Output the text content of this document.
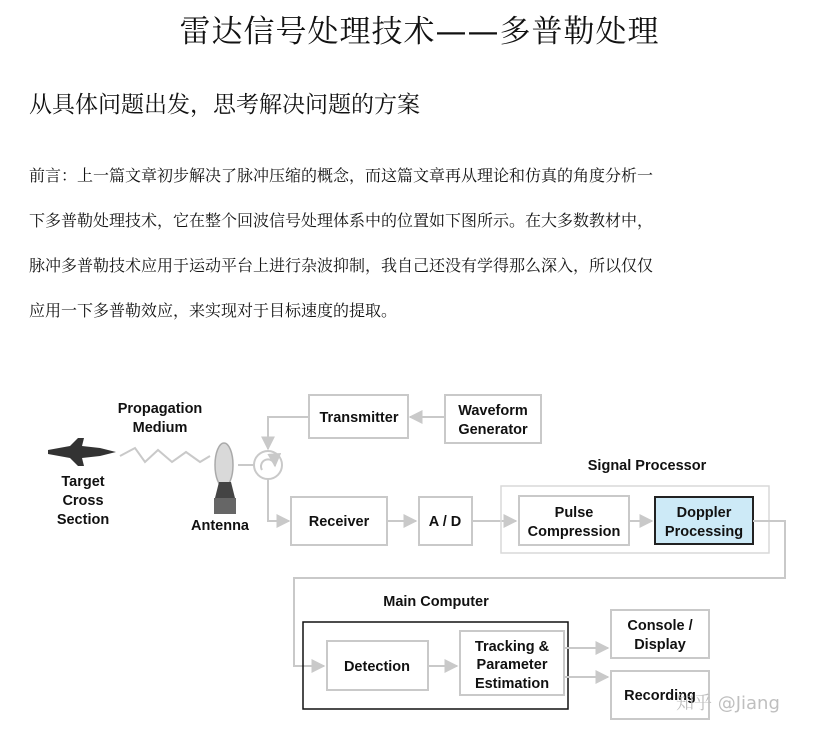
雷达信号处理技术——多普勒处理
从具体问题出发，思考解决问题的方案
前言：上一篇文章初步解决了脉冲压缩的概念，而这篇文章再从理论和仿真的角度分析一
下多普勒处理技术，它在整个回波信号处理体系中的位置如下图所示。在大多数教材中，
脉冲多普勒技术应用于运动平台上进行杂波抑制，我自己还没有学得那么深入，所以仅仅
应用一下多普勒效应，来实现对于目标速度的提取。
Target
Cross
Section
Propagation
Medium
Antenna
Transmitter	Waveform
Generator
Receiver	A / D
Signal Processor
Pulse
Compression
Doppler
Processing
Main Computer
Detection
Tracking &
Parameter
Estimation
Console /
Display
Recording
知乎 @Jiang
